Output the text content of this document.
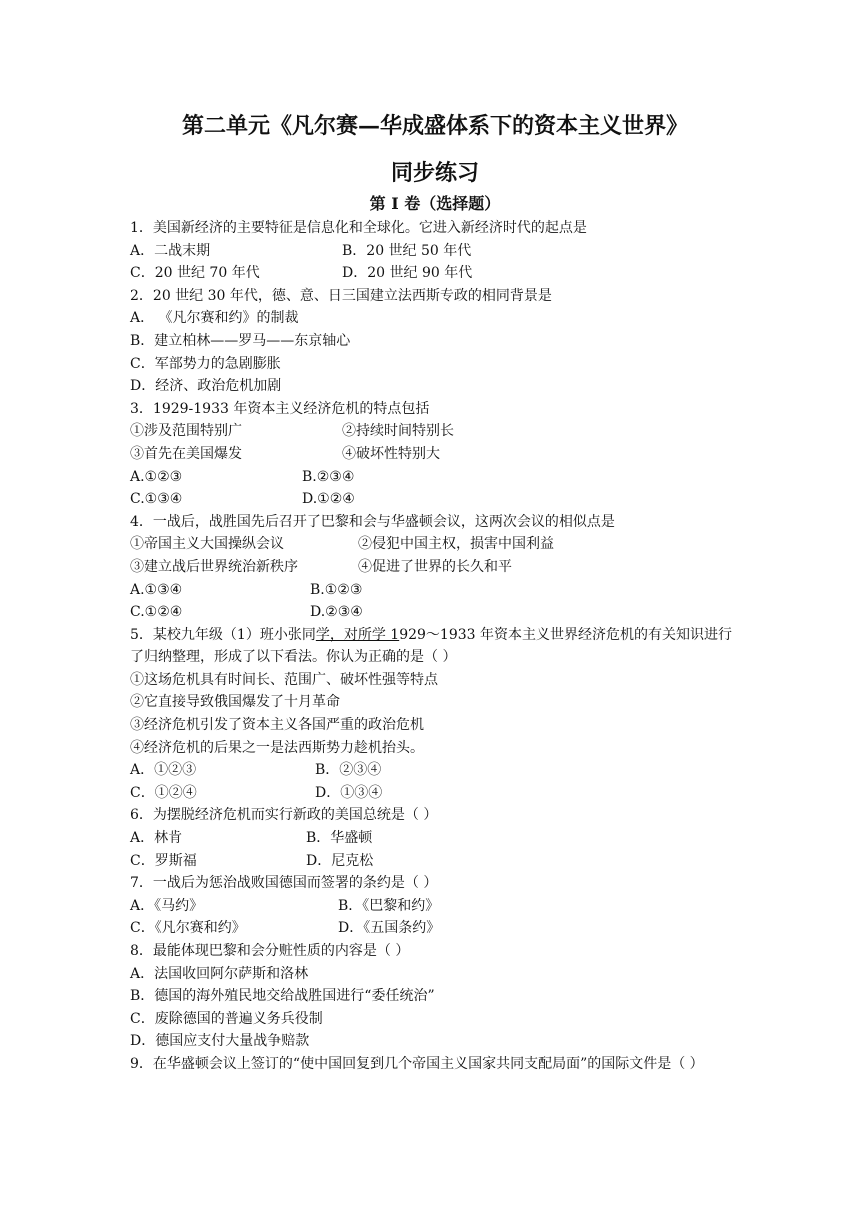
第二单元《凡尔赛—华成盛体系下的资本主义世界》
同步练习
第 I 卷（选择题）
1．美国新经济的主要特征是信息化和全球化。它进入新经济时代的起点是
A．二战末期	B．20 世纪 50 年代
C．20 世纪 70 年代	D．20 世纪 90 年代
2．20 世纪 30 年代，德、意、日三国建立法西斯专政的相同背景是
A． 《凡尔赛和约》的制裁
B．建立柏林——罗马——东京轴心
C．军部势力的急剧膨胀
D．经济、政治危机加剧
3．1929-1933 年资本主义经济危机的特点包括
①涉及范围特别广	②持续时间特别长
③首先在美国爆发	④破坏性特别大
A.①②③	B.②③④
C.①③④	D.①②④
4．一战后，战胜国先后召开了巴黎和会与华盛顿会议，这两次会议的相似点是
①帝国主义大国操纵会议	②侵犯中国主权，损害中国利益
③建立战后世界统治新秩序	④促进了世界的长久和平
A.①③④	B.①②③
C.①②④	D.②③④
5．某校九年级（1）班小张同学，对所学 1929～1933 年资本主义世界经济危机的有关知识进行了归纳整理，形成了以下看法。你认为正确的是（ ）
①这场危机具有时间长、范围广、破坏性强等特点
②它直接导致俄国爆发了十月革命
③经济危机引发了资本主义各国严重的政治危机
④经济危机的后果之一是法西斯势力趁机抬头。
A．①②③	B．②③④
C．①②④	D．①③④
6．为摆脱经济危机而实行新政的美国总统是（ ）
A．林肯	B．华盛顿
C．罗斯福	D．尼克松
7．一战后为惩治战败国德国而签署的条约是（ ）
A．《马约》	B．《巴黎和约》
C．《凡尔赛和约》	D．《五国条约》
8．最能体现巴黎和会分赃性质的内容是（ ）
A．法国收回阿尔萨斯和洛林
B．德国的海外殖民地交给战胜国进行“委任统治”
C．废除德国的普遍义务兵役制
D．德国应支付大量战争赔款
9．在华盛顿会议上签订的“使中国回复到几个帝国主义国家共同支配局面”的国际文件是（ ）
